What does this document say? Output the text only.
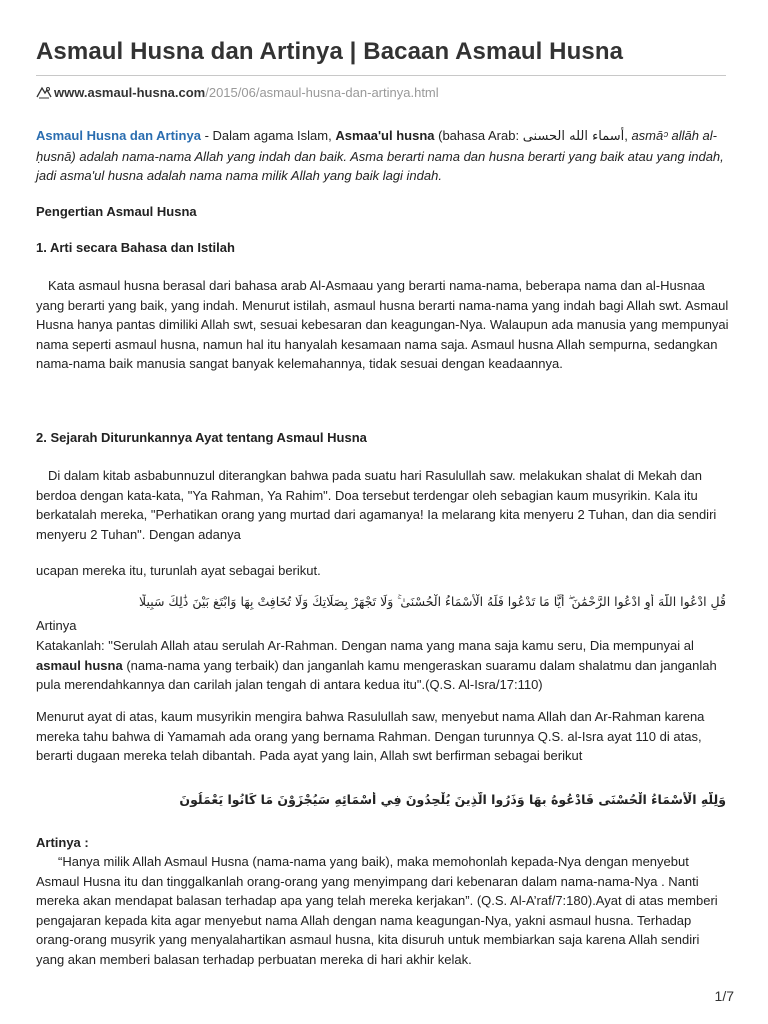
Asmaul Husna dan Artinya | Bacaan Asmaul Husna
www.asmaul-husna.com/2015/06/asmaul-husna-dan-artinya.html
Asmaul Husna dan Artinya - Dalam agama Islam, Asmaa'ul husna (bahasa Arab: أسماء الله الحسنى, asmāᵓ allāh al-ḥusnā) adalah nama-nama Allah yang indah dan baik. Asma berarti nama dan husna berarti yang baik atau yang indah, jadi asma'ul husna adalah nama nama milik Allah yang baik lagi indah.
Pengertian Asmaul Husna
1. Arti secara Bahasa dan Istilah
Kata asmaul husna berasal dari bahasa arab Al-Asmaau yang berarti nama-nama, beberapa nama dan al-Husnaa yang berarti yang baik, yang indah. Menurut istilah, asmaul husna berarti nama-nama yang indah bagi Allah swt. Asmaul Husna hanya pantas dimiliki Allah swt, sesuai kebesaran dan keagungan-Nya. Walaupun ada manusia yang mempunyai nama seperti asmaul husna, namun hal itu hanyalah kesamaan nama saja. Asmaul husna Allah sempurna, sedangkan nama-nama baik manusia sangat banyak kelemahannya, tidak sesuai dengan keadaannya.
2. Sejarah Diturunkannya Ayat tentang Asmaul Husna
Di dalam kitab asbabunnuzul diterangkan bahwa pada suatu hari Rasulullah saw. melakukan shalat di Mekah dan berdoa dengan kata-kata, "Ya Rahman, Ya Rahim". Doa tersebut terdengar oleh sebagian kaum musyrikin. Kala itu berkatalah mereka, "Perhatikan orang yang murtad dari agamanya! Ia melarang kita menyeru 2 Tuhan, dan dia sendiri menyeru 2 Tuhan". Dengan adanya
ucapan mereka itu, turunlah ayat sebagai berikut.
قُلِ ادْعُوا اللَّهَ أَوِ ادْعُوا الرَّحْمَٰنَ ۖ أَيًّا مَا تَدْعُوا فَلَهُ الْأَسْمَاءُ الْحُسْنَىٰ ۚ وَلَا تَجْهَرْ بِصَلَاتِكَ وَلَا تُخَافِتْ بِهَا وَابْتَغِ بَيْنَ ذَٰلِكَ سَبِيلًا
Artinya
Katakanlah: "Serulah Allah atau serulah Ar-Rahman. Dengan nama yang mana saja kamu seru, Dia mempunyai al asmaul husna (nama-nama yang terbaik) dan janganlah kamu mengeraskan suaramu dalam shalatmu dan janganlah pula merendahkannya dan carilah jalan tengah di antara kedua itu".(Q.S. Al-Isra/17:110)
Menurut ayat di atas, kaum musyrikin mengira bahwa Rasulullah saw, menyebut nama Allah dan Ar-Rahman karena mereka tahu bahwa di Yamamah ada orang yang bernama Rahman. Dengan turunnya Q.S. al-Isra ayat 110 di atas, berarti dugaan mereka telah dibantah. Pada ayat yang lain, Allah swt berfirman sebagai berikut
وَلِلَّهِ الْأَسْمَاءُ الْحُسْنَى فَادْعُوهُ بِهَا وَذَرُوا الَّذِينَ يُلْحِدُونَ فِي أَسْمَائِهِ سَيُجْزَوْنَ مَا كَانُوا يَعْمَلُونَ
Artinya :
“Hanya milik Allah Asmaul Husna (nama-nama yang baik), maka memohonlah kepada-Nya dengan menyebut Asmaul Husna itu dan tinggalkanlah orang-orang yang menyimpang dari kebenaran dalam nama-nama-Nya . Nanti mereka akan mendapat balasan terhadap apa yang telah mereka kerjakan”. (Q.S. Al-A’raf/7:180).Ayat di atas memberi pengajaran kepada kita agar menyebut nama Allah dengan nama keagungan-Nya, yakni asmaul husna. Terhadap orang-orang musyrik yang menyalahartikan asmaul husna, kita disuruh untuk membiarkan saja karena Allah sendiri yang akan memberi balasan terhadap perbuatan mereka di hari akhir kelak.
1/7
